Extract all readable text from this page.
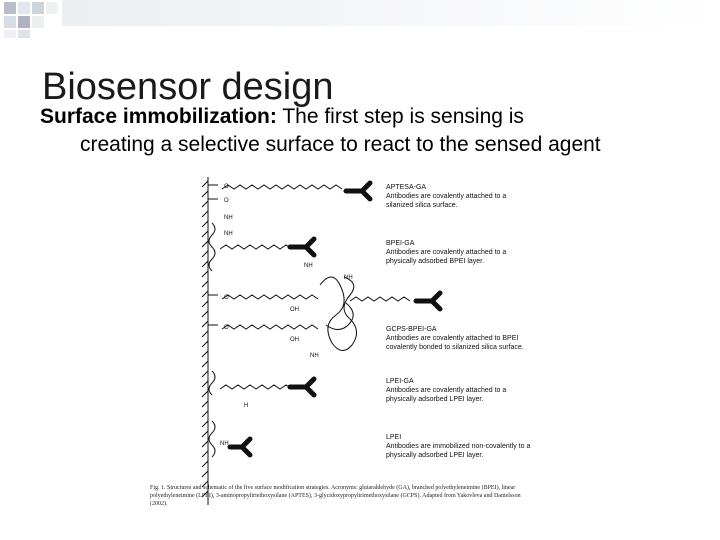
Biosensor design
Surface immobilization: The first step is sensing is
creating a selective surface to react to the sensed agent
O
O
NH
NH
NH
NH
O
O
OH
OH
NH
H
NH
APTESA-GA
Antibodies are covalently attached to a
silanized silica surface.
BPEI-GA
Antibodies are covalently attached to a
physically adsorbed BPEI layer.
GCPS-BPEI-GA
Antibodies are covalently attached to BPEI
covalently bonded to silanized silica surface.
LPEI-GA
Antibodies are covalently attached to a
physically adsorbed LPEI layer.
LPEI
Antibodies are immobilized non-covalently to a
physically adsorbed LPEI layer.
Fig. 1. Structures and schematic of the five surface modification strategies. Acronyms: glutaraldehyde (GA), branched polyethyleneimine (BPEI), linear
polyethyleneimine (LPEI), 3-aminopropyltriethoxysilane (APTES), 3-glycidoxypropyltrimethoxysilane (GCPS). Adapted from Yakovleva and Danielsson
(2002).
